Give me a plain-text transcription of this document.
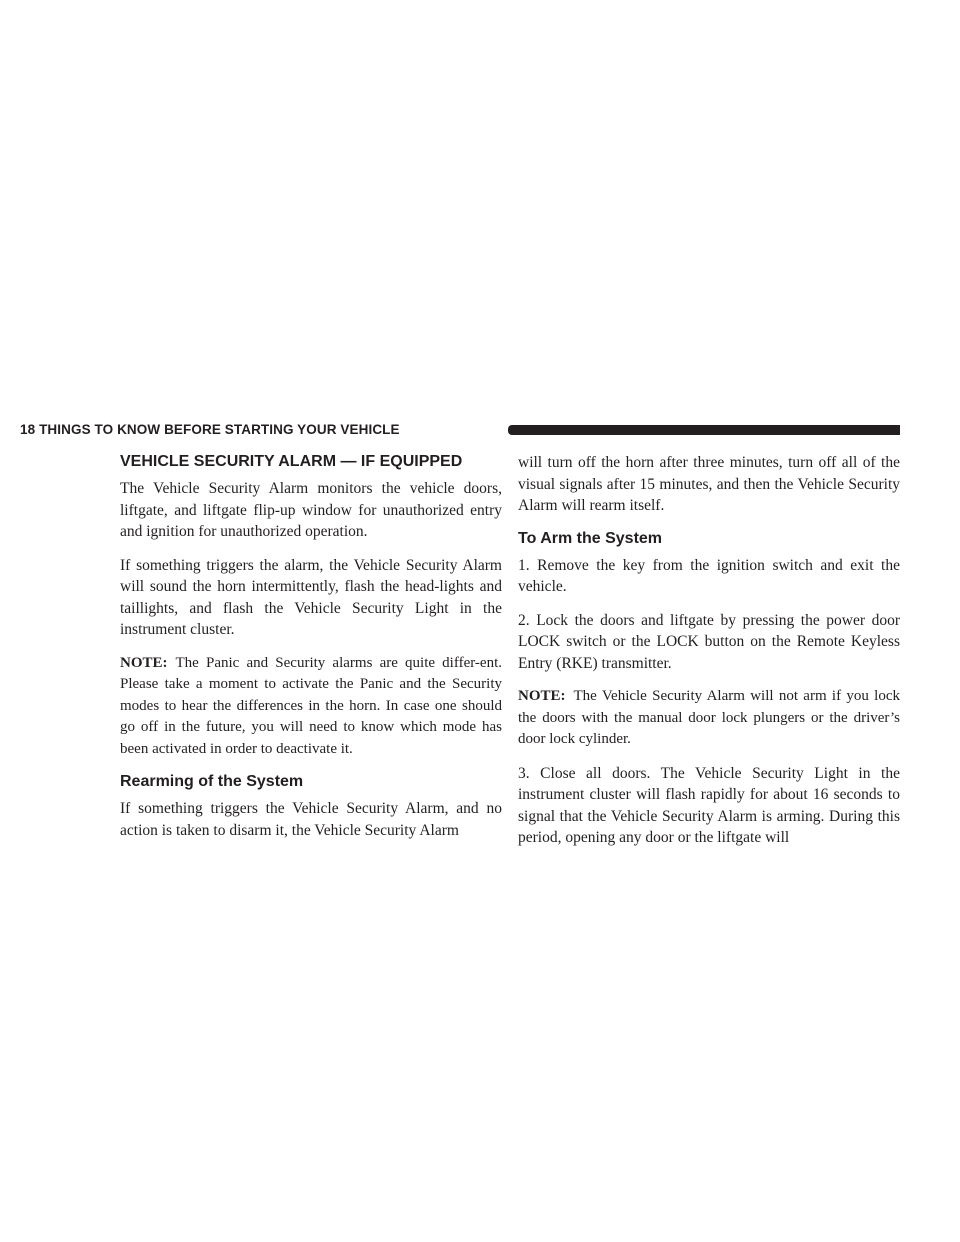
18 THINGS TO KNOW BEFORE STARTING YOUR VEHICLE
VEHICLE SECURITY ALARM — IF EQUIPPED

The Vehicle Security Alarm monitors the vehicle doors, liftgate, and liftgate flip-up window for unauthorized entry and ignition for unauthorized operation.

If something triggers the alarm, the Vehicle Security Alarm will sound the horn intermittently, flash the head-lights and taillights, and flash the Vehicle Security Light in the instrument cluster.

NOTE: The Panic and Security alarms are quite differ-ent. Please take a moment to activate the Panic and the Security modes to hear the differences in the horn. In case one should go off in the future, you will need to know which mode has been activated in order to deactivate it.

Rearming of the System

If something triggers the Vehicle Security Alarm, and no action is taken to disarm it, the Vehicle Security Alarm

will turn off the horn after three minutes, turn off all of the visual signals after 15 minutes, and then the Vehicle Security Alarm will rearm itself.

To Arm the System

1. Remove the key from the ignition switch and exit the vehicle.

2. Lock the doors and liftgate by pressing the power door LOCK switch or the LOCK button on the Remote Keyless Entry (RKE) transmitter.

NOTE: The Vehicle Security Alarm will not arm if you lock the doors with the manual door lock plungers or the driver’s door lock cylinder.

3. Close all doors. The Vehicle Security Light in the instrument cluster will flash rapidly for about 16 seconds to signal that the Vehicle Security Alarm is arming. During this period, opening any door or the liftgate will
